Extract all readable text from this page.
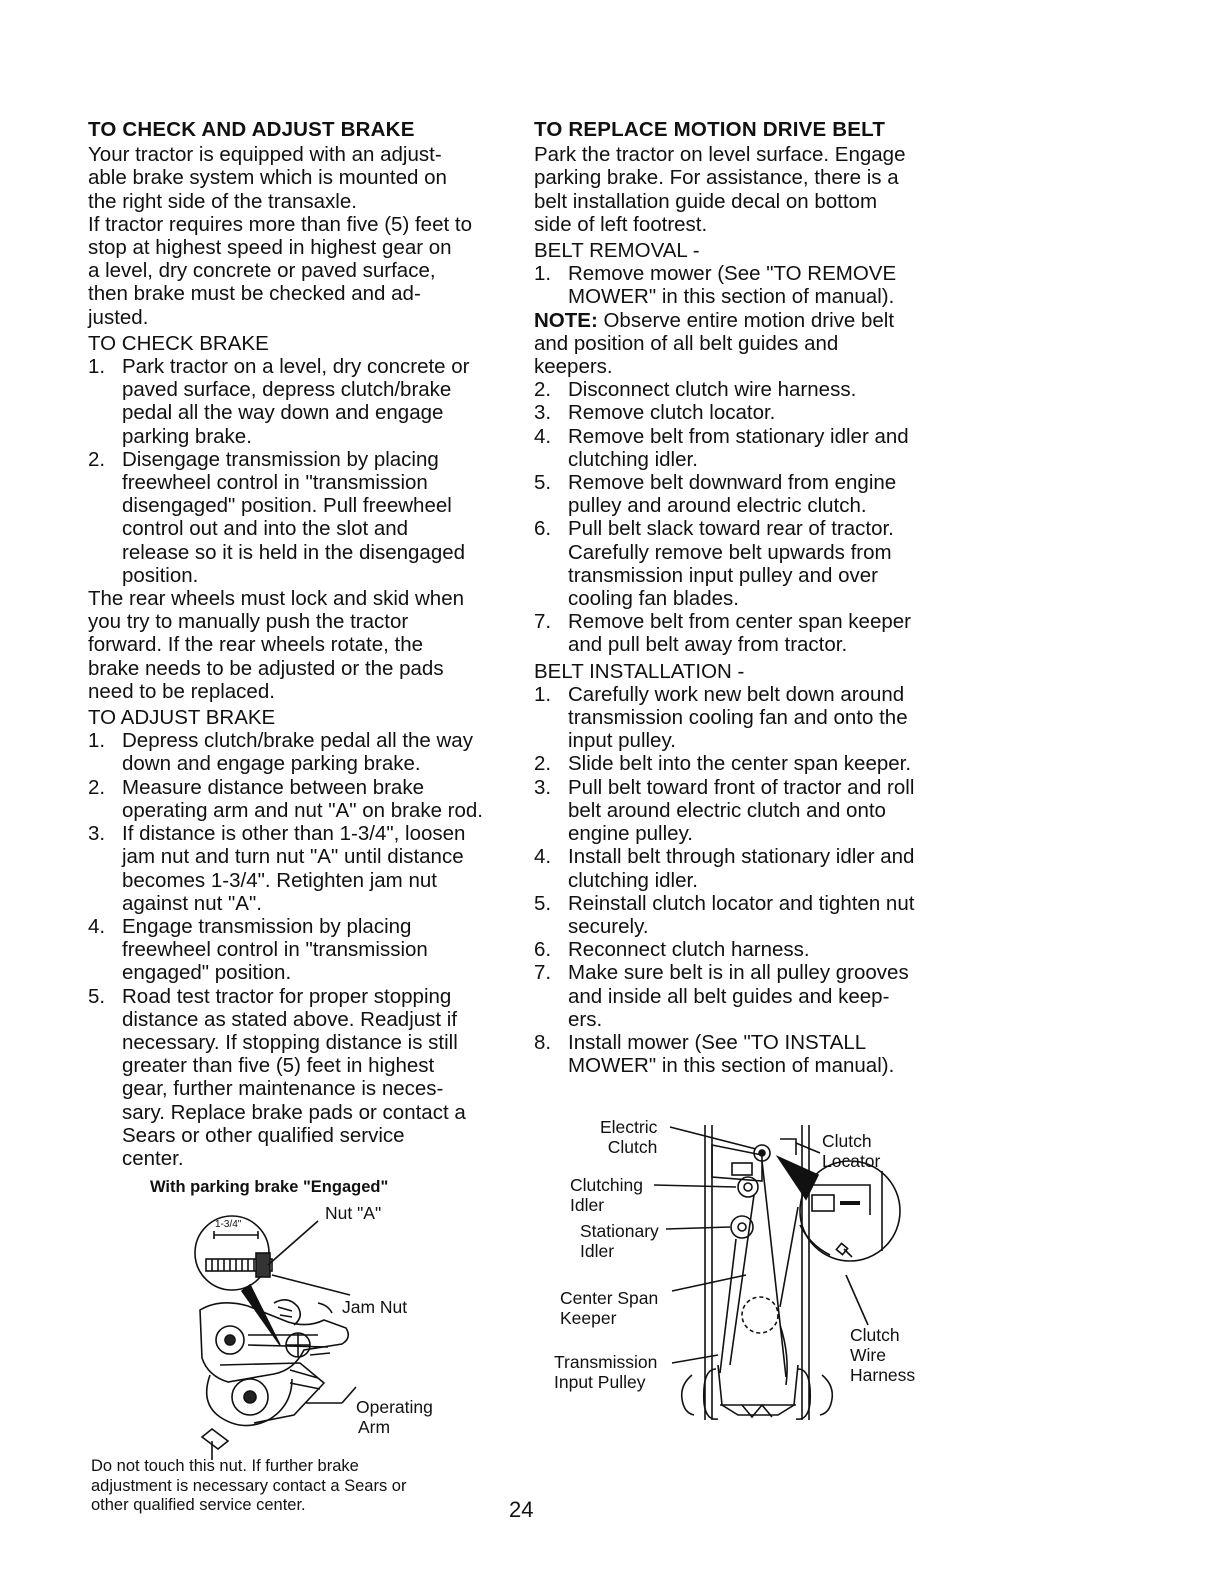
TO CHECK AND ADJUST BRAKE

Your tractor is equipped with an adjust-
able brake system which is mounted on
the right side of the transaxle.
If tractor requires more than five (5) feet to
stop at highest speed in highest gear on
a level, dry concrete or paved surface,
then brake must be checked and ad-
justed.

TO CHECK BRAKE

1. Park tractor on a level, dry concrete or
paved surface, depress clutch/brake
pedal all the way down and engage
parking brake.
2. Disengage transmission by placing
freewheel control in "transmission
disengaged" position. Pull freewheel
control out and into the slot and
release so it is held in the disengaged
position.

The rear wheels must lock and skid when
you try to manually push the tractor
forward. If the rear wheels rotate, the
brake needs to be adjusted or the pads
need to be replaced.

TO ADJUST BRAKE

1. Depress clutch/brake pedal all the way
down and engage parking brake.
2. Measure distance between brake
operating arm and nut "A" on brake rod.
3. If distance is other than 1-3/4", loosen
jam nut and turn nut "A" until distance
becomes 1-3/4". Retighten jam nut
against nut "A".
4. Engage transmission by placing
freewheel control in "transmission
engaged" position.
5. Road test tractor for proper stopping
distance as stated above. Readjust if
necessary. If stopping distance is still
greater than five (5) feet in highest
gear, further maintenance is neces-
sary. Replace brake pads or contact a
Sears or other qualified service
center.

With parking brake "Engaged"

1-3/4"
Nut "A"
Jam Nut
Operating
Arm
Do not touch this nut. If further brake
adjustment is necessary contact a Sears or
other qualified service center.
TO REPLACE MOTION DRIVE BELT

Park the tractor on level surface. Engage
parking brake. For assistance, there is a
belt installation guide decal on bottom
side of left footrest.

BELT REMOVAL -

1. Remove mower (See "TO REMOVE
MOWER" in this section of manual).

NOTE: Observe entire motion drive belt
and position of all belt guides and
keepers.

2. Disconnect clutch wire harness.
3. Remove clutch locator.
4. Remove belt from stationary idler and
clutching idler.
5. Remove belt downward from engine
pulley and around electric clutch.
6. Pull belt slack toward rear of tractor.
Carefully remove belt upwards from
transmission input pulley and over
cooling fan blades.
7. Remove belt from center span keeper
and pull belt away from tractor.

BELT INSTALLATION -

1. Carefully work new belt down around
transmission cooling fan and onto the
input pulley.
2. Slide belt into the center span keeper.
3. Pull belt toward front of tractor and roll
belt around electric clutch and onto
engine pulley.
4. Install belt through stationary idler and
clutching idler.
5. Reinstall clutch locator and tighten nut
securely.
6. Reconnect clutch harness.
7. Make sure belt is in all pulley grooves
and inside all belt guides and keep-
ers.
8. Install mower (See "TO INSTALL
MOWER" in this section of manual).
Electric
Clutch	Clutch
Locator
Clutching
Idler
Stationary
Idler
Center Span
Keeper
Clutch
Wire
Harness
Transmission
Input Pulley
24
